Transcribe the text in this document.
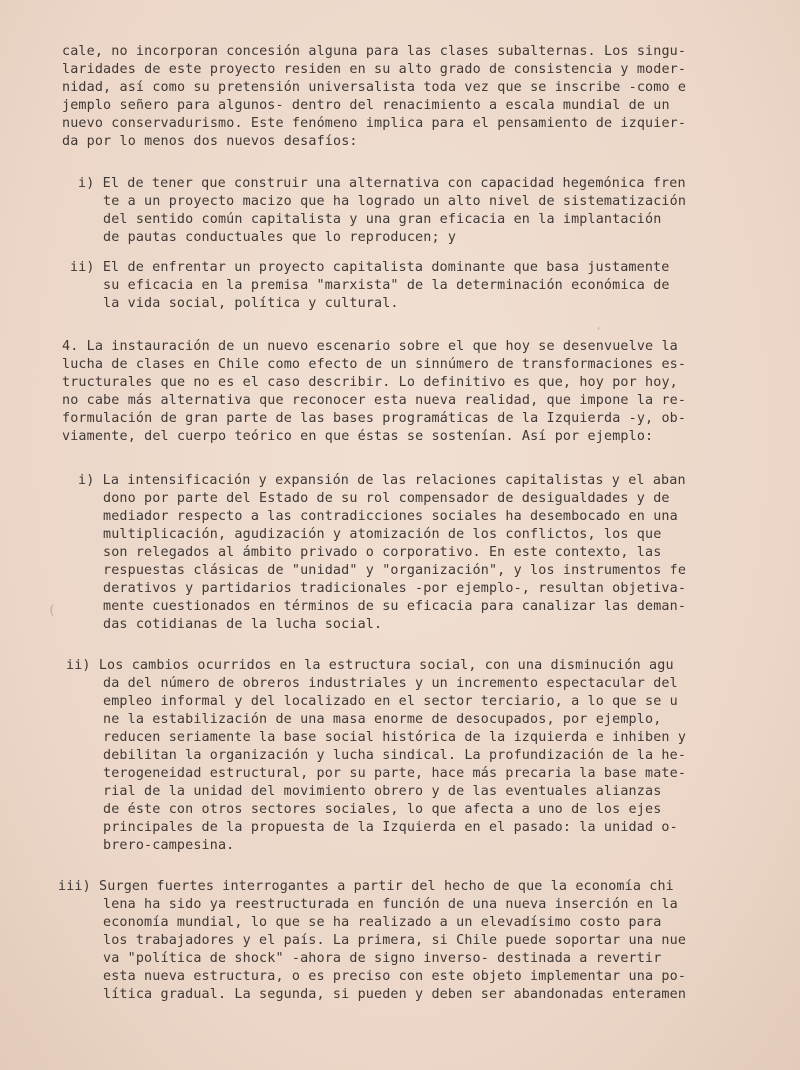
cale, no incorporan concesión alguna para las clases subalternas. Los singu-
laridades de este proyecto residen en su alto grado de consistencia y moder-
nidad, así como su pretensión universalista toda vez que se inscribe -como e
jemplo señero para algunos- dentro del renacimiento a escala mundial de un
nuevo conservadurismo. Este fenómeno implica para el pensamiento de izquier-
da por lo menos dos nuevos desafíos:
i) El de tener que construir una alternativa con capacidad hegemónica fren
te a un proyecto macizo que ha logrado un alto nivel de sistematización
del sentido común capitalista y una gran eficacia en la implantación
de pautas conductuales que lo reproducen; y
ii) El de enfrentar un proyecto capitalista dominante que basa justamente
su eficacia en la premisa "marxista" de la determinación económica de
la vida social, política y cultural.
4. La instauración de un nuevo escenario sobre el que hoy se desenvuelve la
lucha de clases en Chile como efecto de un sinnúmero de transformaciones es-
tructurales que no es el caso describir. Lo definitivo es que, hoy por hoy,
no cabe más alternativa que reconocer esta nueva realidad, que impone la re-
formulación de gran parte de las bases programáticas de la Izquierda -y, ob-
viamente, del cuerpo teórico en que éstas se sostenían. Así por ejemplo:
i) La intensificación y expansión de las relaciones capitalistas y el aban
dono por parte del Estado de su rol compensador de desigualdades y de
mediador respecto a las contradicciones sociales ha desembocado en una
multiplicación, agudización y atomización de los conflictos, los que
son relegados al ámbito privado o corporativo. En este contexto, las
respuestas clásicas de "unidad" y "organización", y los instrumentos fe
derativos y partidarios tradicionales -por ejemplo-, resultan objetiva-
mente cuestionados en términos de su eficacia para canalizar las deman-
das cotidianas de la lucha social.
ii) Los cambios ocurridos en la estructura social, con una disminución agu
da del número de obreros industriales y un incremento espectacular del
empleo informal y del localizado en el sector terciario, a lo que se u
ne la estabilización de una masa enorme de desocupados, por ejemplo,
reducen seriamente la base social histórica de la izquierda e inhiben y
debilitan la organización y lucha sindical. La profundización de la he-
terogeneidad estructural, por su parte, hace más precaria la base mate-
rial de la unidad del movimiento obrero y de las eventuales alianzas
de éste con otros sectores sociales, lo que afecta a uno de los ejes
principales de la propuesta de la Izquierda en el pasado: la unidad o-
brero-campesina.
iii) Surgen fuertes interrogantes a partir del hecho de que la economía chi
lena ha sido ya reestructurada en función de una nueva inserción en la
economía mundial, lo que se ha realizado a un elevadísimo costo para
los trabajadores y el país. La primera, si Chile puede soportar una nue
va "política de shock" -ahora de signo inverso- destinada a revertir
esta nueva estructura, o es preciso con este objeto implementar una po-
lítica gradual. La segunda, si pueden y deben ser abandonadas enteramen
(
,
